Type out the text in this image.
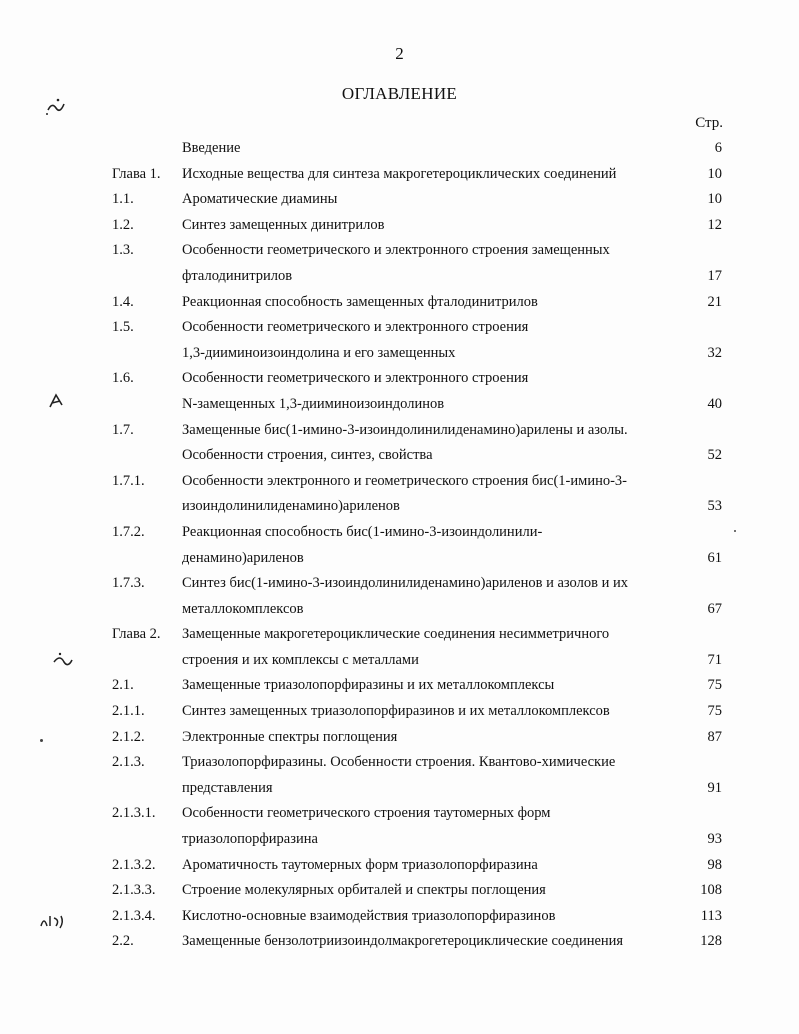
2
ОГЛАВЛЕНИЕ
Стр.
Введение	6
Глава 1. Исходные вещества для синтеза макрогетероциклических соединений	10
1.1.	Ароматические диамины	10
1.2.	Синтез замещенных динитрилов	12
1.3.	Особенности геометрического и электронного строения замещенных
фталодинитрилов	17
1.4.	Реакционная способность замещенных фталодинитрилов	21
1.5.	Особенности геометрического и электронного строения
1,3-дииминоизоиндолина и его замещенных	32
1.6.	Особенности геометрического и электронного строения
N-замещенных 1,3-дииминоизоиндолинов	40
1.7.	Замещенные бис(1-имино-3-изоиндолинилиденамино)арилены и азолы.
Особенности строения, синтез, свойства	52
1.7.1.	Особенности электронного и геометрического строения бис(1-имино-3-
изоиндолинилиденамино)ариленов	53
1.7.2.	Реакционная способность бис(1-имино-3-изоиндолинили-
денамино)ариленов	61
1.7.3.	Синтез бис(1-имино-3-изоиндолинилиденамино)ариленов и азолов и их
металлокомплексов	67
Глава 2. Замещенные макрогетероциклические соединения несимметричного
строения и их комплексы с металлами	71
2.1.	Замещенные триазолопорфиразины и их металлокомплексы	75
2.1.1.	Синтез замещенных триазолопорфиразинов и их металлокомплексов	75
2.1.2.	Электронные спектры поглощения	87
2.1.3.	Триазолопорфиразины. Особенности строения. Квантово-химические
представления	91
2.1.3.1. Особенности геометрического строения таутомерных форм
триазолопорфиразина	93
2.1.3.2. Ароматичность таутомерных форм триазолопорфиразина	98
2.1.3.3. Строение молекулярных орбиталей и спектры поглощения	108
2.1.3.4. Кислотно-основные взаимодействия триазолопорфиразинов	113
2.2.	Замещенные бензолотриизоиндолмакрогетероциклические соединения	128
